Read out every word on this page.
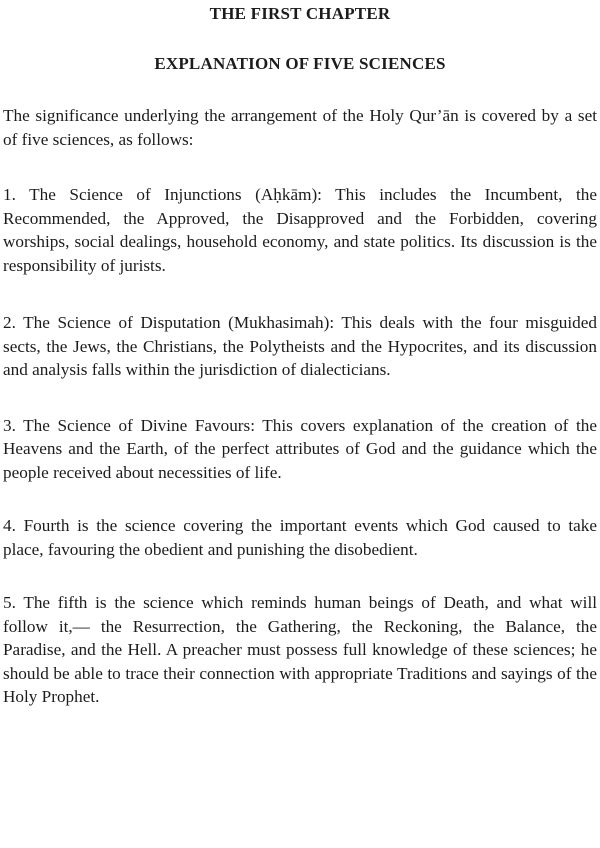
THE FIRST CHAPTER
EXPLANATION OF FIVE SCIENCES

The significance underlying the arrangement of the Holy Qur’ān is covered by a set of five sciences, as follows:

1. The Science of Injunctions (Aḥkām): This includes the Incumbent, the Recommended, the Approved, the Disapproved and the Forbidden, covering worships, social dealings, household economy, and state politics. Its discussion is the responsibility of jurists.

2. The Science of Disputation (Mukhasimah): This deals with the four misguided sects, the Jews, the Christians, the Polytheists and the Hypocrites, and its discussion and analysis falls within the jurisdiction of dialecticians.

3. The Science of Divine Favours: This covers explanation of the creation of the Heavens and the Earth, of the perfect attributes of God and the guidance which the people received about necessities of life.

4. Fourth is the science covering the important events which God caused to take place, favouring the obedient and punishing the disobedient.

5. The fifth is the science which reminds human beings of Death, and what will follow it,— the Resurrection, the Gathering, the Reckoning, the Balance, the Paradise, and the Hell. A preacher must possess full knowledge of these sciences; he should be able to trace their connection with appropriate Traditions and sayings of the Holy Prophet.
